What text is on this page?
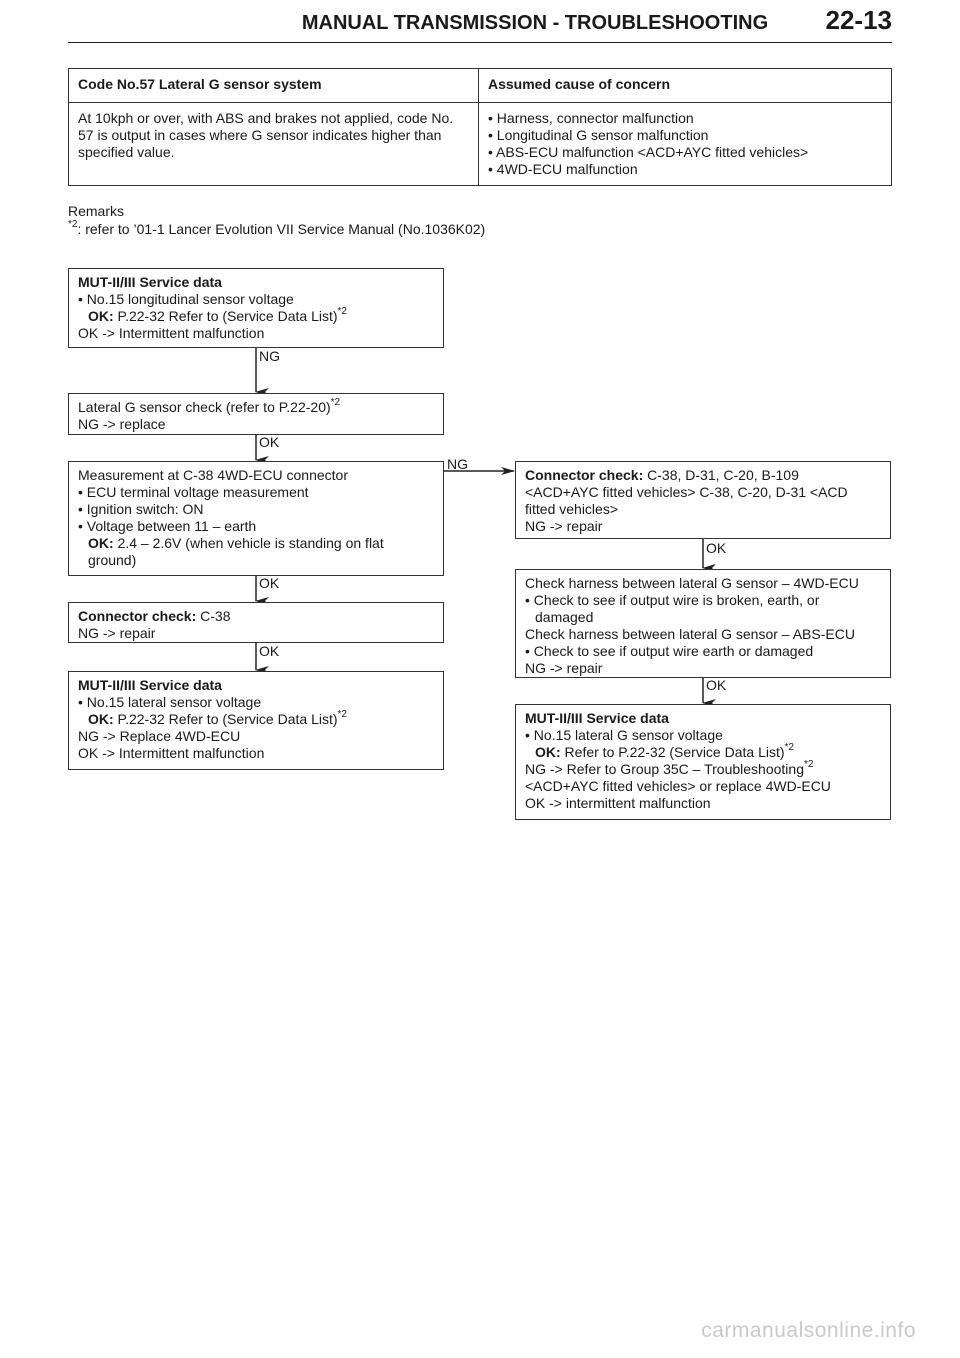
MANUAL TRANSMISSION - TROUBLESHOOTING	22-13
Code No.57 Lateral G sensor system	Assumed cause of concern
At 10kph or over, with ABS and brakes not applied, code No.
57 is output in cases where G sensor indicates higher than
specified value.
• Harness, connector malfunction
• Longitudinal G sensor malfunction
• ABS-ECU malfunction <ACD+AYC fitted vehicles>
• 4WD-ECU malfunction
Remarks
$^{*2}$: refer to ’01-1 Lancer Evolution VII Service Manual (No.1036K02)
MUT-II/III Service data
• No.15 longitudinal sensor voltage
OK: P.22-32 Refer to (Service Data List)$^{*2}$
OK -> Intermittent malfunction
Lateral G sensor check (refer to P.22-20)$^{*2}$
NG -> replace
Measurement at C-38 4WD-ECU connector
• ECU terminal voltage measurement
• Ignition switch: ON
• Voltage between 11 – earth
OK: 2.4 – 2.6V (when vehicle is standing on flat
ground)
Connector check: C-38
NG -> repair
MUT-II/III Service data
• No.15 lateral sensor voltage
OK: P.22-32 Refer to (Service Data List)$^{*2}$
NG -> Replace 4WD-ECU
OK -> Intermittent malfunction
Connector check: C-38, D-31, C-20, B-109
<ACD+AYC fitted vehicles> C-38, C-20, D-31 <ACD
fitted vehicles>
NG -> repair
Check harness between lateral G sensor – 4WD-ECU
• Check to see if output wire is broken, earth, or
damaged
Check harness between lateral G sensor – ABS-ECU
• Check to see if output wire earth or damaged
NG -> repair
MUT-II/III Service data
• No.15 lateral G sensor voltage
OK: Refer to P.22-32 (Service Data List)$^{*2}$
NG -> Refer to Group 35C – Troubleshooting$^{*2}$
<ACD+AYC fitted vehicles> or replace 4WD-ECU
OK -> intermittent malfunction
NG
OK
NG
OK
OK
OK
OK
carmanualsonline.info
